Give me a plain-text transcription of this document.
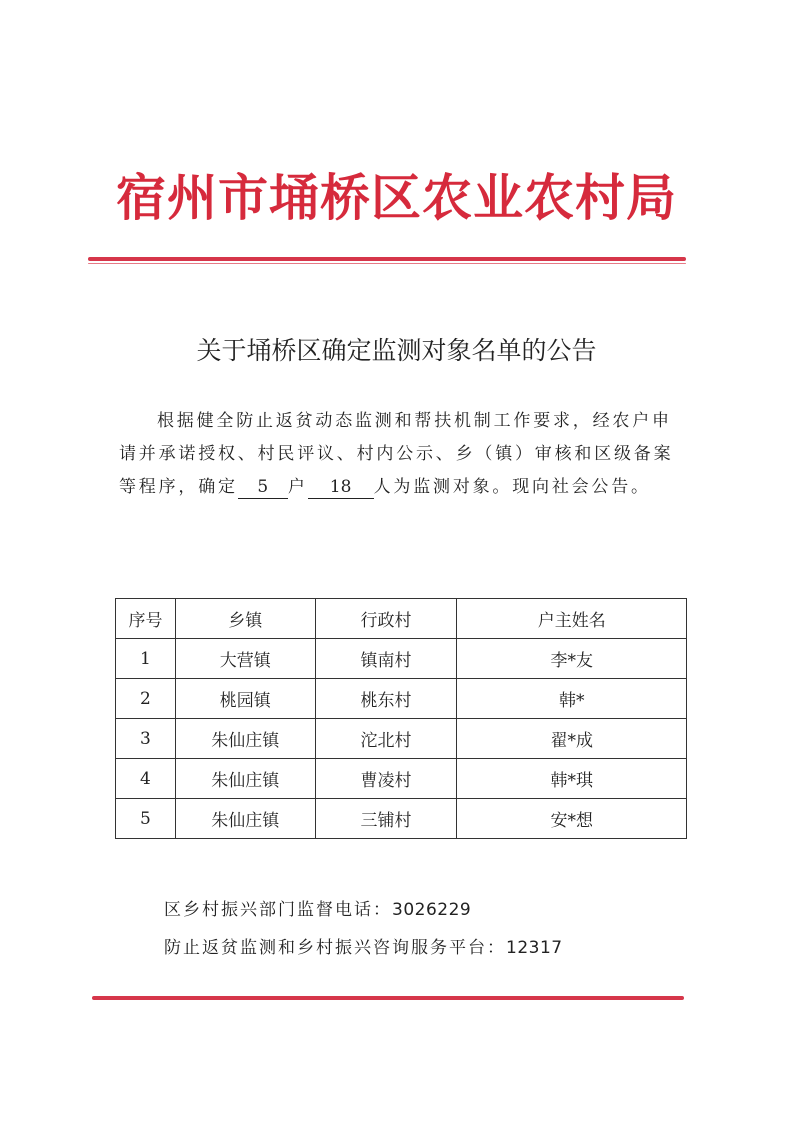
宿州市埇桥区农业农村局
关于埇桥区确定监测对象名单的公告
根据健全防止返贫动态监测和帮扶机制工作要求，经农户申请并承诺授权、村民评议、村内公示、乡（镇）审核和区级备案等程序，确定 5 户 18 人为监测对象。现向社会公告。
序号	乡镇	行政村	户主姓名
1	大营镇	镇南村	李*友
2	桃园镇	桃东村	韩*
3	朱仙庄镇	沱北村	翟*成
4	朱仙庄镇	曹凌村	韩*琪
5	朱仙庄镇	三铺村	安*想
区乡村振兴部门监督电话：3026229
防止返贫监测和乡村振兴咨询服务平台：12317
